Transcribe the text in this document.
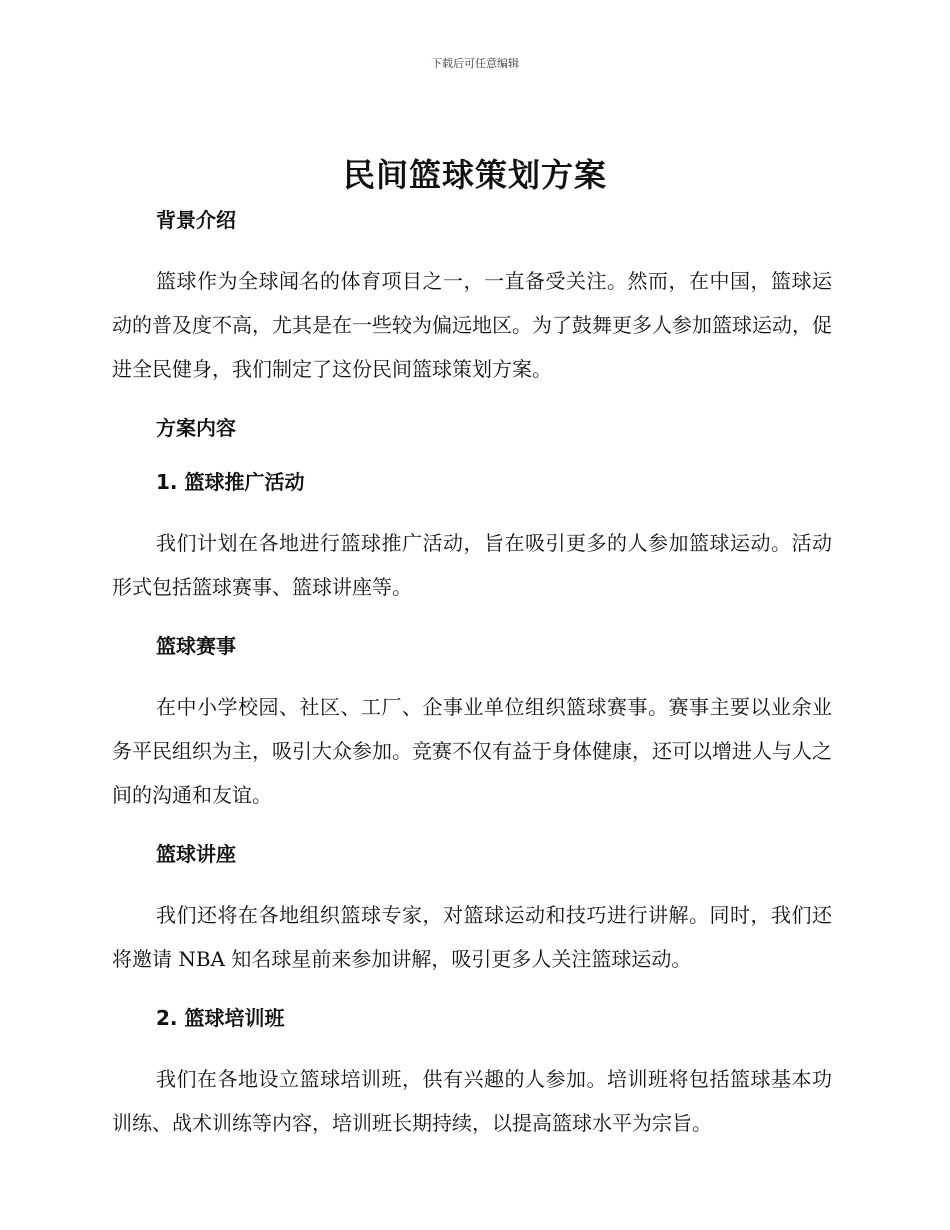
下载后可任意编辑
民间篮球策划方案

背景介绍

篮球作为全球闻名的体育项目之一，一直备受关注。然而，在中国，篮球运动的普及度不高，尤其是在一些较为偏远地区。为了鼓舞更多人参加篮球运动，促进全民健身，我们制定了这份民间篮球策划方案。

方案内容

1. 篮球推广活动

我们计划在各地进行篮球推广活动，旨在吸引更多的人参加篮球运动。活动形式包括篮球赛事、篮球讲座等。

篮球赛事

在中小学校园、社区、工厂、企事业单位组织篮球赛事。赛事主要以业余业务平民组织为主，吸引大众参加。竞赛不仅有益于身体健康，还可以增进人与人之间的沟通和友谊。

篮球讲座

我们还将在各地组织篮球专家，对篮球运动和技巧进行讲解。同时，我们还将邀请 NBA 知名球星前来参加讲解，吸引更多人关注篮球运动。

2. 篮球培训班

我们在各地设立篮球培训班，供有兴趣的人参加。培训班将包括篮球基本功训练、战术训练等内容，培训班长期持续，以提高篮球水平为宗旨。
